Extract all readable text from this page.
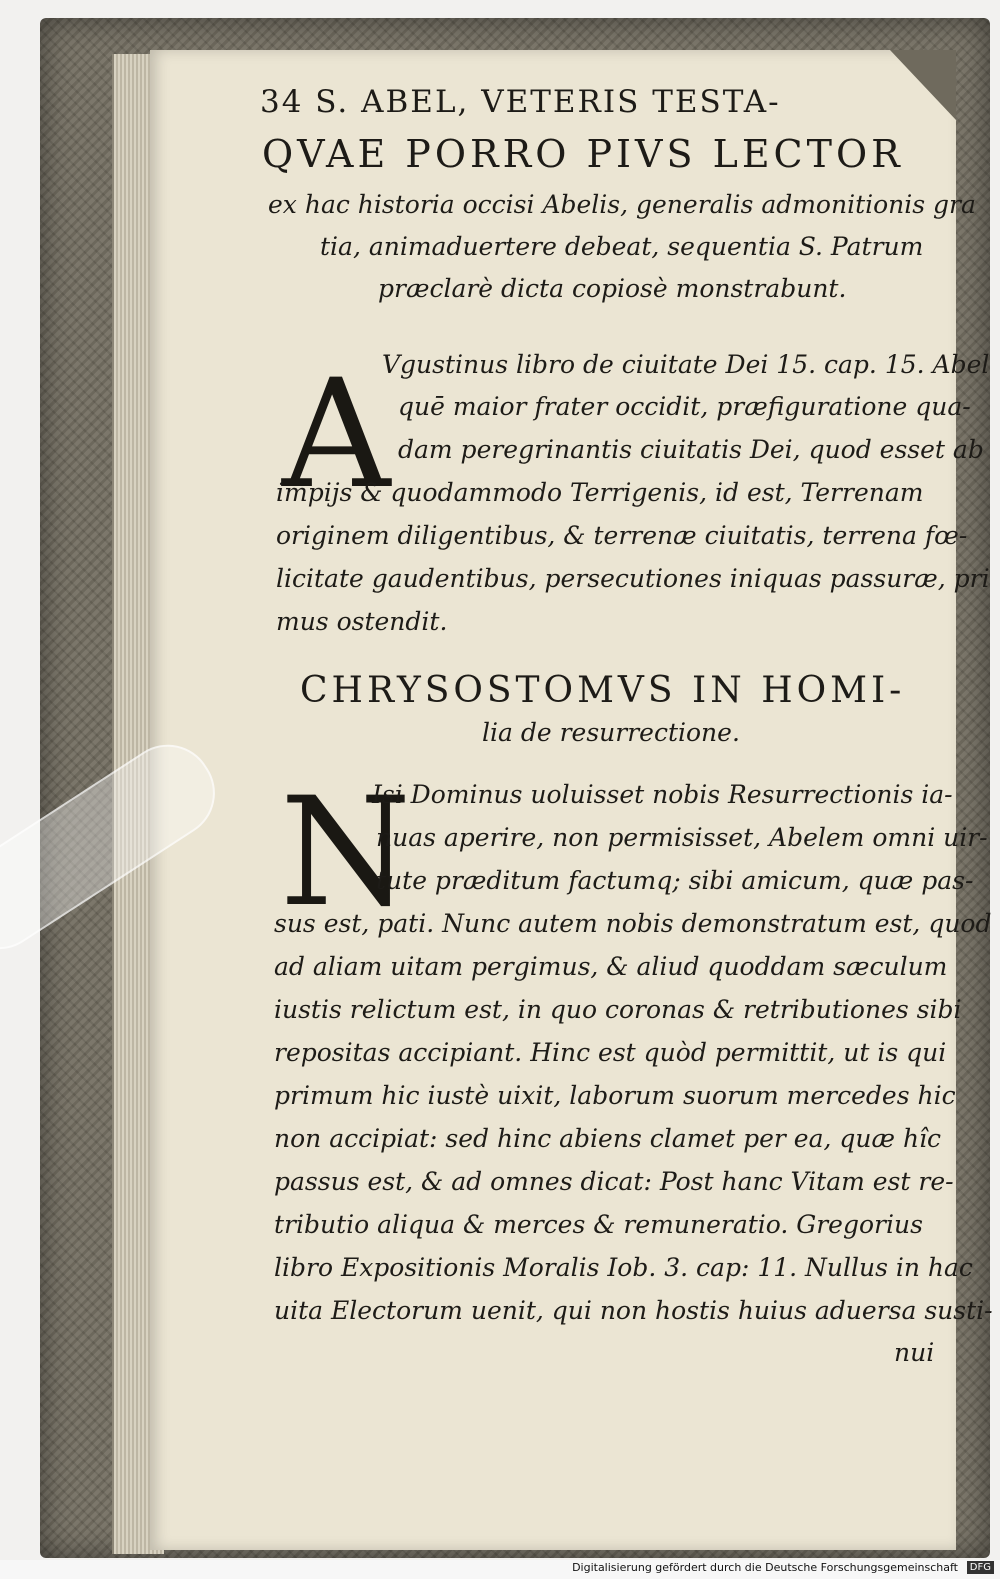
34 S. ABEL, VETERIS TESTA-
QVAE PORRO PIVS LECTOR
ex hac historia occisi Abelis, generalis admonitionis gra
tia, animaduertere debeat, sequentia S. Patrum
præclarè dicta copiosè monstrabunt.
A
Vgustinus libro de ciuitate Dei 15. cap. 15. Abel
quē maior frater occidit, præfiguratione qua-
dam peregrinantis ciuitatis Dei, quod esset ab
impijs & quodammodo Terrigenis, id est, Terrenam
originem diligentibus, & terrenæ ciuitatis, terrena fœ-
licitate gaudentibus, persecutiones iniquas passuræ, pri
mus ostendit.
CHRYSOSTOMVS IN HOMI-
lia de resurrectione.
N
Isi Dominus uoluisset nobis Resurrectionis ia-
nuas aperire, non permisisset, Abelem omni uir-
tute præditum factumq; sibi amicum, quæ pas-
sus est, pati. Nunc autem nobis demonstratum est, quod
ad aliam uitam pergimus, & aliud quoddam sæculum
iustis relictum est, in quo coronas & retributiones sibi
repositas accipiant. Hinc est quòd permittit, ut is qui
primum hic iustè uixit, laborum suorum mercedes hic
non accipiat: sed hinc abiens clamet per ea, quæ hîc
passus est, & ad omnes dicat: Post hanc Vitam est re-
tributio aliqua & merces & remuneratio. Gregorius
libro Expositionis Moralis Iob. 3. cap: 11. Nullus in hac
uita Electorum uenit, qui non hostis huius aduersa susti-
nui
Digitalisierung gefördert durch die Deutsche Forschungsgemeinschaft	DFG
